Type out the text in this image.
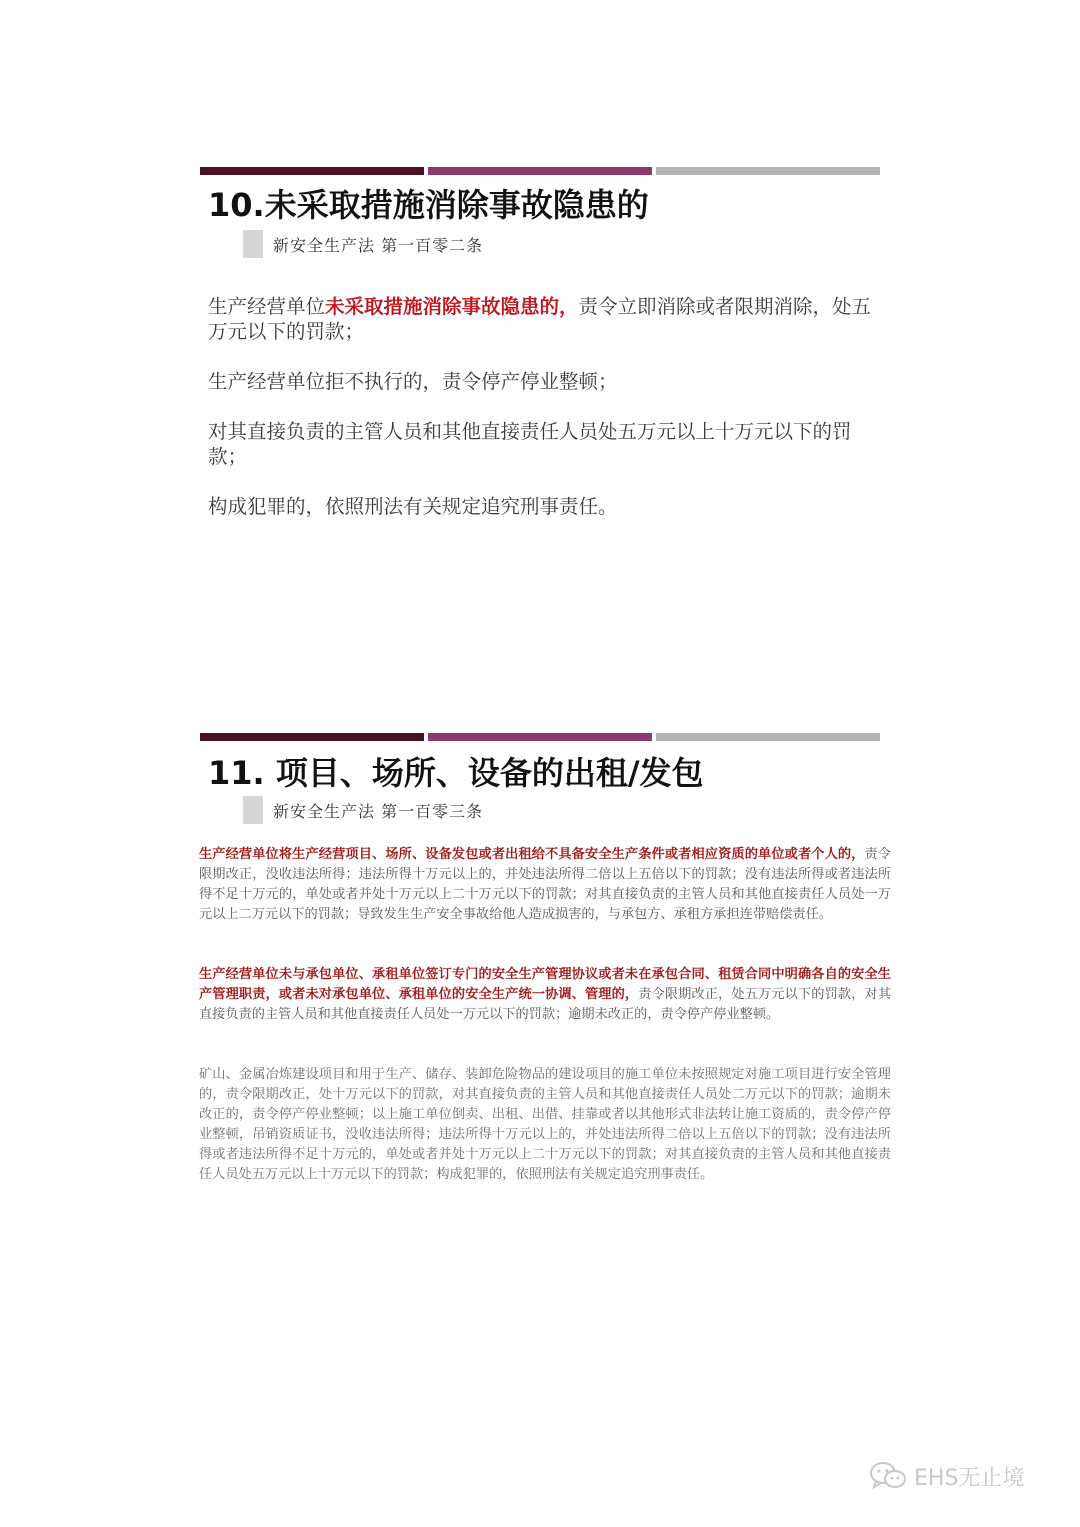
10.未采取措施消除事故隐患的
新安全生产法 第一百零二条

生产经营单位未采取措施消除事故隐患的，责令立即消除或者限期消除，处五万元以下的罚款；

生产经营单位拒不执行的，责令停产停业整顿；

对其直接负责的主管人员和其他直接责任人员处五万元以上十万元以下的罚款；

构成犯罪的，依照刑法有关规定追究刑事责任。

11. 项目、场所、设备的出租/发包
新安全生产法 第一百零三条

生产经营单位将生产经营项目、场所、设备发包或者出租给不具备安全生产条件或者相应资质的单位或者个人的，责令限期改正，没收违法所得；违法所得十万元以上的，并处违法所得二倍以上五倍以下的罚款；没有违法所得或者违法所得不足十万元的，单处或者并处十万元以上二十万元以下的罚款；对其直接负责的主管人员和其他直接责任人员处一万元以上二万元以下的罚款；导致发生生产安全事故给他人造成损害的，与承包方、承租方承担连带赔偿责任。

生产经营单位未与承包单位、承租单位签订专门的安全生产管理协议或者未在承包合同、租赁合同中明确各自的安全生产管理职责，或者未对承包单位、承租单位的安全生产统一协调、管理的，责令限期改正，处五万元以下的罚款，对其直接负责的主管人员和其他直接责任人员处一万元以下的罚款；逾期未改正的，责令停产停业整顿。

矿山、金属冶炼建设项目和用于生产、储存、装卸危险物品的建设项目的施工单位未按照规定对施工项目进行安全管理的，责令限期改正，处十万元以下的罚款，对其直接负责的主管人员和其他直接责任人员处二万元以下的罚款；逾期未改正的，责令停产停业整顿；以上施工单位倒卖、出租、出借、挂靠或者以其他形式非法转让施工资质的，责令停产停业整顿，吊销资质证书，没收违法所得；违法所得十万元以上的，并处违法所得二倍以上五倍以下的罚款；没有违法所得或者违法所得不足十万元的，单处或者并处十万元以上二十万元以下的罚款；对其直接负责的主管人员和其他直接责任人员处五万元以上十万元以下的罚款；构成犯罪的，依照刑法有关规定追究刑事责任。

EHS无止境
